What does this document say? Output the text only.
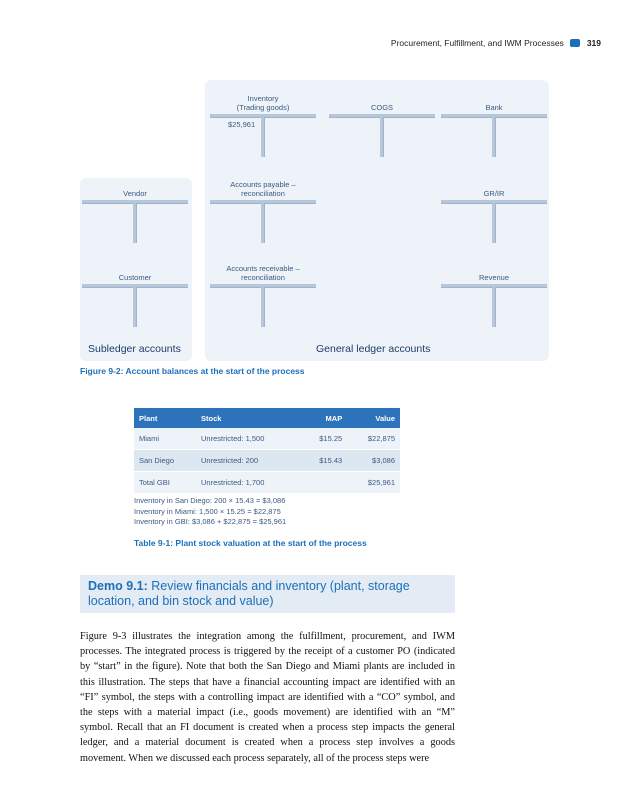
Procurement, Fulfillment, and IWM Processes	319
Inventory
(Trading goods)
$25,961
COGS	Bank
Vendor
Accounts payable –
reconciliation	GR/IR
Customer
Accounts receivable –
reconciliation	Revenue
Subledger accounts	General ledger accounts
Figure 9-2: Account balances at the start of the process
Plant	Stock	MAP	Value
Miami	Unrestricted: 1,500	$15.25	$22,875
San Diego	Unrestricted: 200	$15.43	$3,086
Total GBI	Unrestricted: 1,700		$25,961
Inventory in San Diego: 200 × 15.43 = $3,086
Inventory in Miami: 1,500 × 15.25 = $22,875
Inventory in GBI: $3,086 + $22,875 = $25,961
Table 9-1: Plant stock valuation at the start of the process
Demo 9.1: Review financials and inventory (plant, storage location, and bin stock and value)

Figure 9-3 illustrates the integration among the fulfillment, procurement, and IWM processes. The integrated process is triggered by the receipt of a customer PO (indicated by “start” in the figure). Note that both the San Diego and Miami plants are included in this illustration. The steps that have a financial accounting impact are identified with an “FI” symbol, the steps with a controlling impact are identified with a “CO” symbol, and the steps with a material impact (i.e., goods movement) are identified with an “M” symbol. Recall that an FI document is created when a process step impacts the general ledger, and a material document is created when a process step involves a goods movement. When we discussed each process separately, all of the process steps were
